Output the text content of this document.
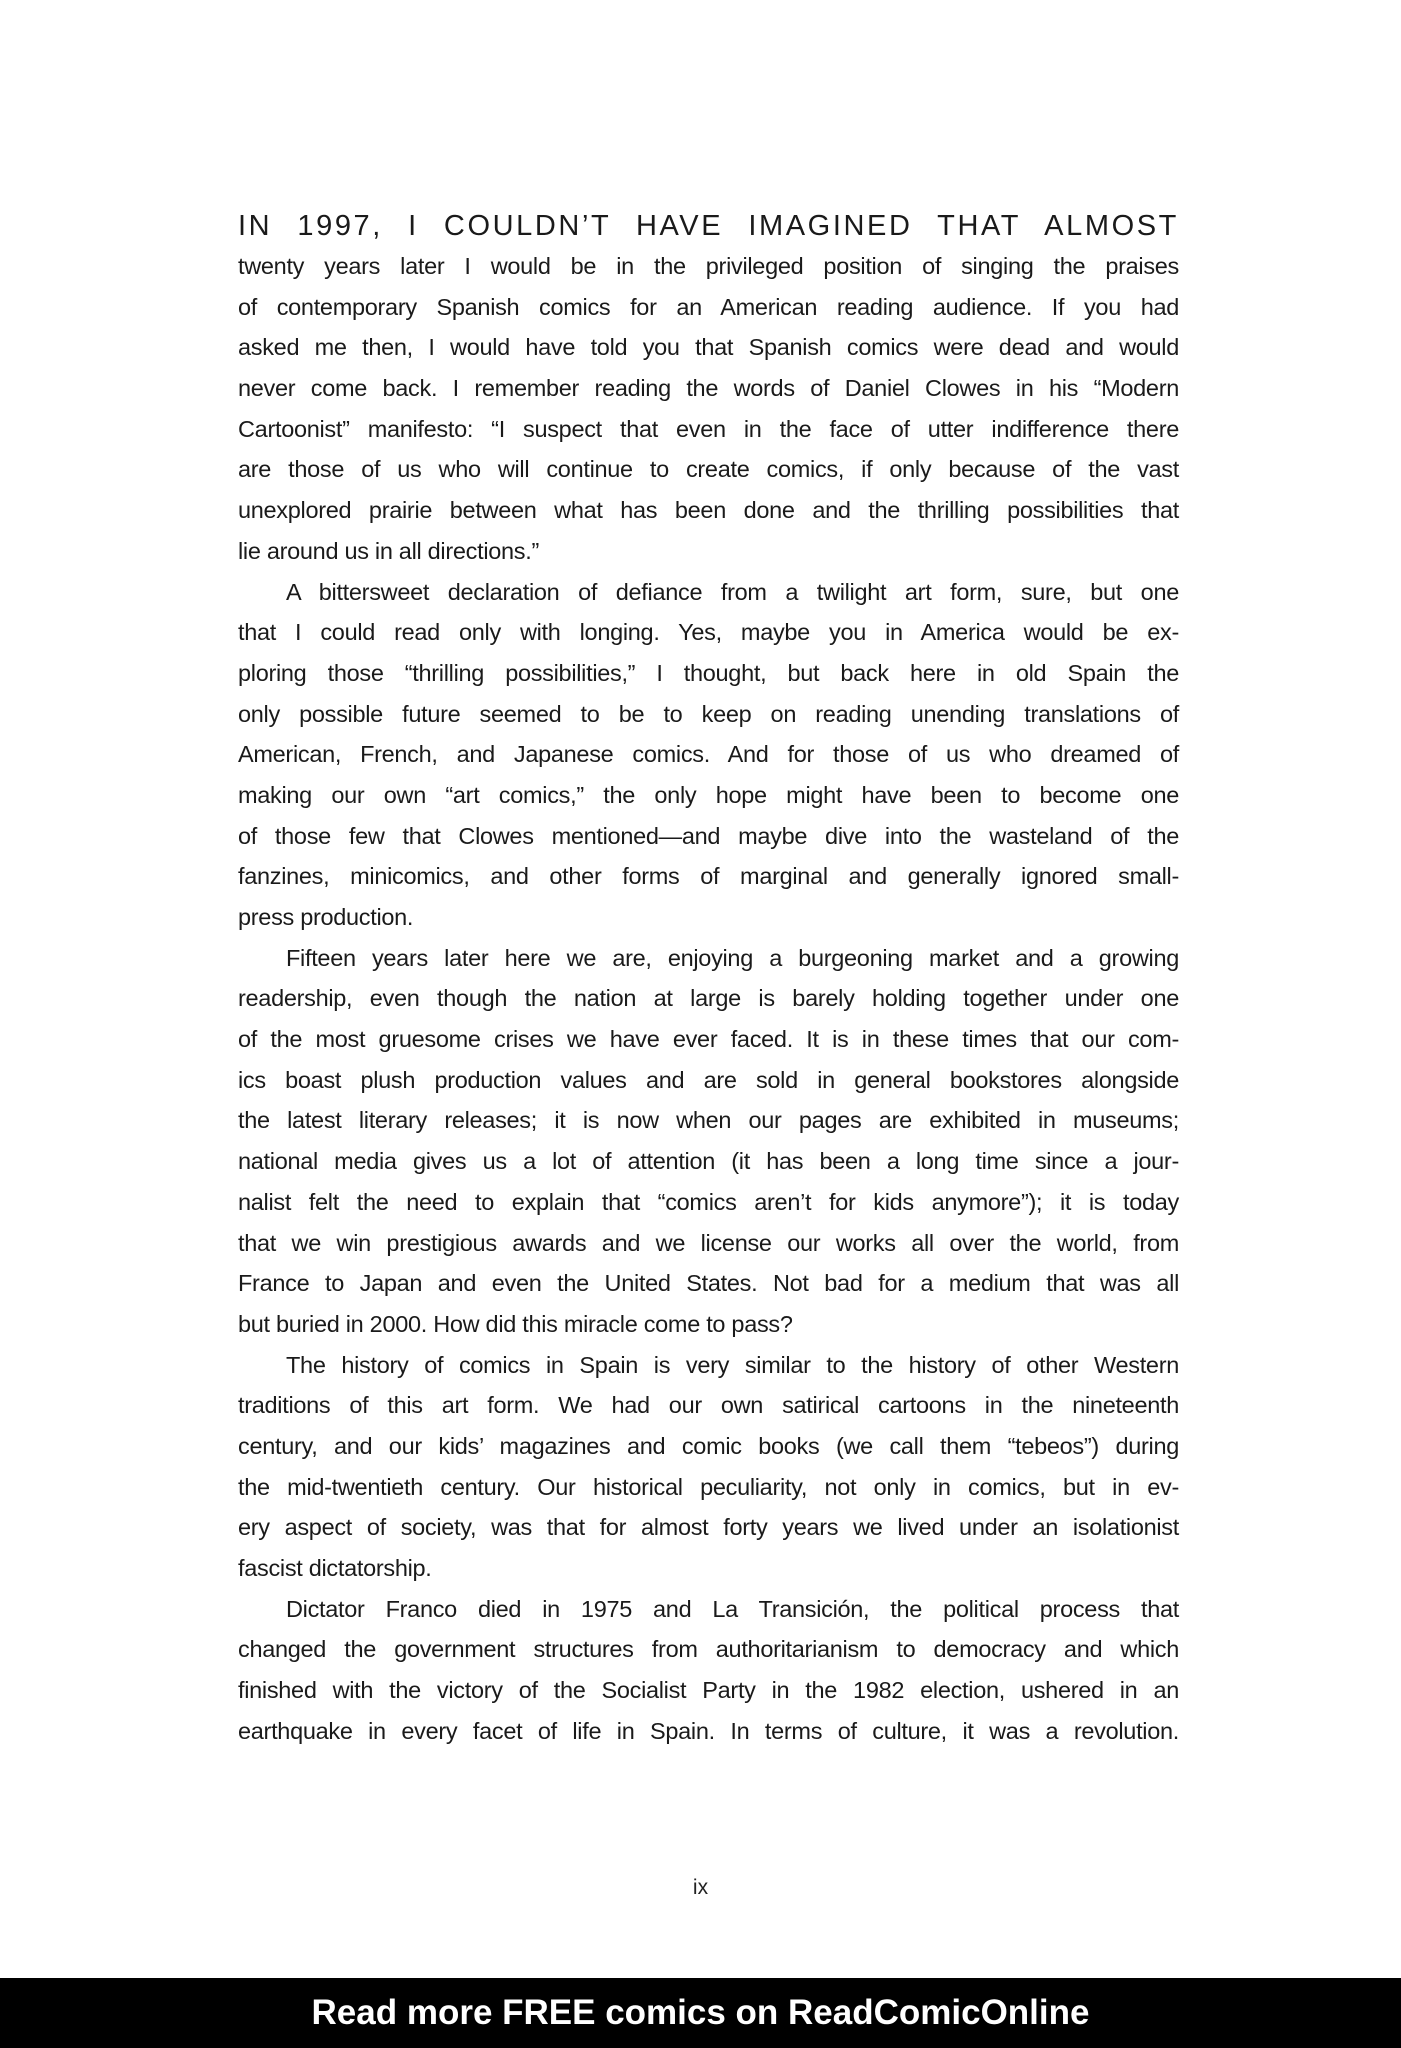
IN 1997, I COULDN’T HAVE IMAGINED THAT ALMOST
twenty years later I would be in the privileged position of singing the praises
of contemporary Spanish comics for an American reading audience. If you had
asked me then, I would have told you that Spanish comics were dead and would
never come back. I remember reading the words of Daniel Clowes in his “Modern
Cartoonist” manifesto: “I suspect that even in the face of utter indifference there
are those of us who will continue to create comics, if only because of the vast
unexplored prairie between what has been done and the thrilling possibilities that
lie around us in all directions.”
A bittersweet declaration of defiance from a twilight art form, sure, but one
that I could read only with longing. Yes, maybe you in America would be ex-
ploring those “thrilling possibilities,” I thought, but back here in old Spain the
only possible future seemed to be to keep on reading unending translations of
American, French, and Japanese comics. And for those of us who dreamed of
making our own “art comics,” the only hope might have been to become one
of those few that Clowes mentioned—and maybe dive into the wasteland of the
fanzines, minicomics, and other forms of marginal and generally ignored small-
press production.
Fifteen years later here we are, enjoying a burgeoning market and a growing
readership, even though the nation at large is barely holding together under one
of the most gruesome crises we have ever faced. It is in these times that our com-
ics boast plush production values and are sold in general bookstores alongside
the latest literary releases; it is now when our pages are exhibited in museums;
national media gives us a lot of attention (it has been a long time since a jour-
nalist felt the need to explain that “comics aren’t for kids anymore”); it is today
that we win prestigious awards and we license our works all over the world, from
France to Japan and even the United States. Not bad for a medium that was all
but buried in 2000. How did this miracle come to pass?
The history of comics in Spain is very similar to the history of other Western
traditions of this art form. We had our own satirical cartoons in the nineteenth
century, and our kids’ magazines and comic books (we call them “tebeos”) during
the mid-twentieth century. Our historical peculiarity, not only in comics, but in ev-
ery aspect of society, was that for almost forty years we lived under an isolationist
fascist dictatorship.
Dictator Franco died in 1975 and La Transición, the political process that
changed the government structures from authoritarianism to democracy and which
finished with the victory of the Socialist Party in the 1982 election, ushered in an
earthquake in every facet of life in Spain. In terms of culture, it was a revolution.
ix
Read more FREE comics on ReadComicOnline
